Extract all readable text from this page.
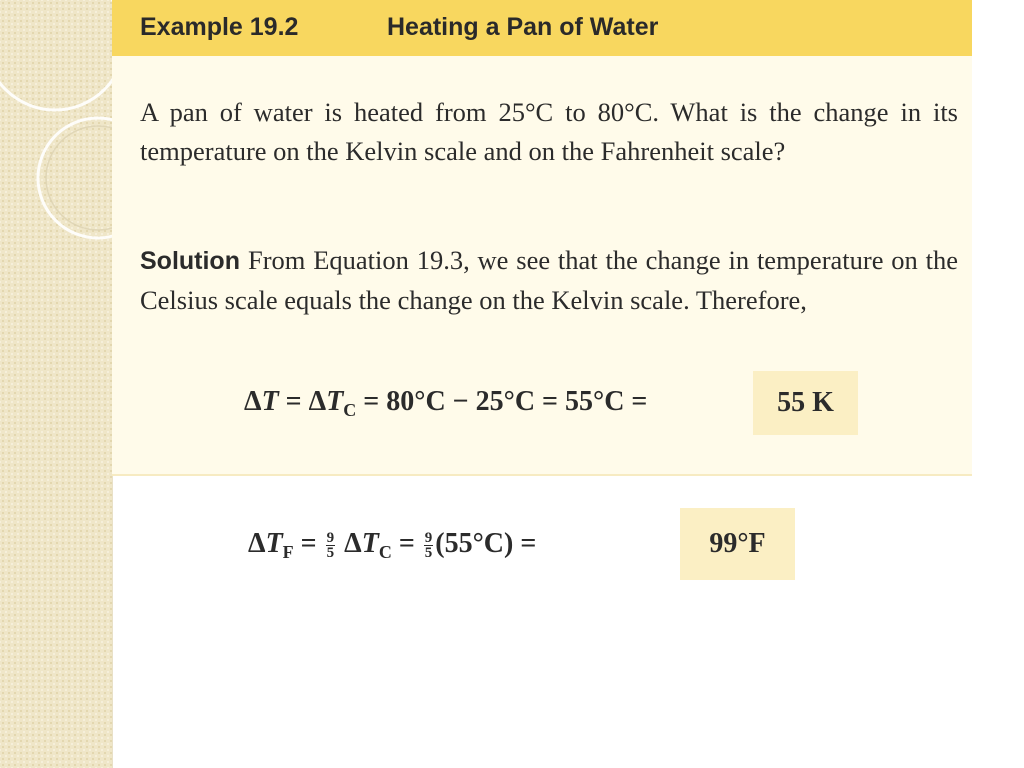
Example 19.2	Heating a Pan of Water
A pan of water is heated from 25°C to 80°C. What is the change in its temperature on the Kelvin scale and on the Fahrenheit scale?
Solution From Equation 19.3, we see that the change in temperature on the Celsius scale equals the change on the Kelvin scale. Therefore,
$\Delta T = \Delta T_C = 80^\circ C - 25^\circ C = 55^\circ C$ =	55 K
$\Delta T_F = \frac{9}{5} \Delta T_C = \frac{9}{5} (55^\circ C)$ =	99°F
